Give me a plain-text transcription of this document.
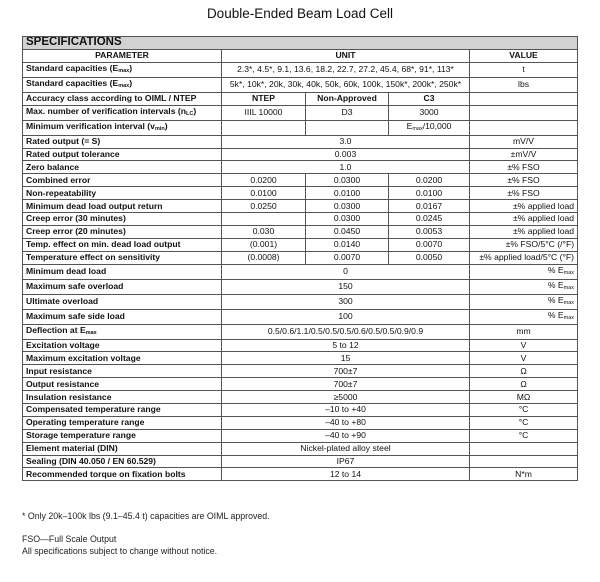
Double-Ended Beam Load Cell
SPECIFICATIONS				
PARAMETER	UNIT			VALUE
Standard capacities (Emax)	2.3*, 4.5*, 9.1, 13.6, 18.2, 22.7, 27.2, 45.4, 68*, 91*, 113*			t
Standard capacities (Emax)	5k*, 10k*, 20k, 30k, 40k, 50k, 60k, 100k, 150k*, 200k*, 250k*			lbs
Accuracy class according to OIML / NTEP	NTEP	Non-Approved	C3	
Max. number of verification intervals (nLC)	IIIL 10000	D3	3000	
Minimum verification interval (vmin)			Emax/10,000	
Rated output (= S)	3.0			mV/V
Rated output tolerance	0.003			±mV/V
Zero balance	1.0			±% FSO
Combined error	0.0200	0.0300	0.0200	±% FSO
Non-repeatability	0.0100	0.0100	0.0100	±% FSO
Minimum dead load output return	0.0250	0.0300	0.0167	±% applied load
Creep error (30 minutes)		0.0300	0.0245	±% applied load
Creep error (20 minutes)	0.030	0.0450	0.0053	±% applied load
Temp. effect on min. dead load output	(0.001)	0.0140	0.0070	±% FSO/5°C (/°F)
Temperature effect on sensitivity	(0.0008)	0.0070	0.0050	±% applied load/5°C (°F)
Minimum dead load	0			% Emax
Maximum safe overload	150			% Emax
Ultimate overload	300			% Emax
Maximum safe side load	100			% Emax
Deflection at Emax	0.5/0.6/1.1/0.5/0.5/0.5/0.6/0.5/0.5/0.9/0.9			mm
Excitation voltage	5 to 12			V
Maximum excitation voltage	15			V
Input resistance	700±7			Ω
Output resistance	700±7			Ω
Insulation resistance	≥5000			MΩ
Compensated temperature range	–10 to +40			°C
Operating temperature range	–40 to +80			°C
Storage temperature range	–40 to +90			°C
Element material (DIN)	Nickel-plated alloy steel			
Sealing (DIN 40.050 / EN 60.529)	IP67			
Recommended torque on fixation bolts	12 to 14			N*m
* Only 20k–100k lbs (9.1–45.4 t) capacities are OIML approved.
FSO—Full Scale Output
All specifications subject to change without notice.
